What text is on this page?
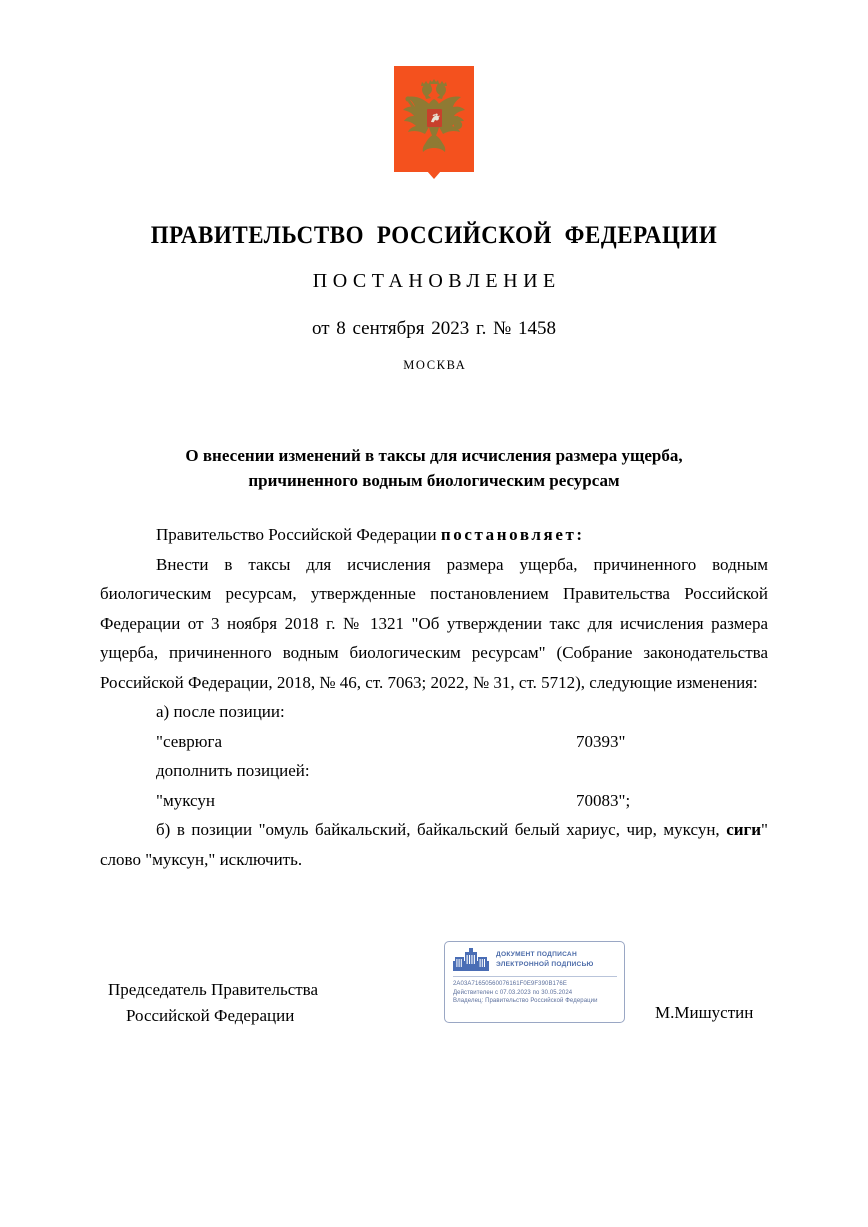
ПРАВИТЕЛЬСТВО РОССИЙСКОЙ ФЕДЕРАЦИИ
ПОСТАНОВЛЕНИЕ
от 8 сентября 2023 г. № 1458
МОСКВА
О внесении изменений в таксы для исчисления размера ущерба,
причиненного водным биологическим ресурсам

Правительство Российской Федерации постановляет:

Внести в таксы для исчисления размера ущерба, причиненного водным биологическим ресурсам, утвержденные постановлением Правительства Российской Федерации от 3 ноября 2018 г. № 1321 "Об утверждении такс для исчисления размера ущерба, причиненного водным биологическим ресурсам" (Собрание законодательства Российской Федерации, 2018, № 46, ст. 7063; 2022, № 31, ст. 5712), следующие изменения:

а) после позиции:

"севрюга	70393"

дополнить позицией:

"муксун	70083";

б) в позиции "омуль байкальский, байкальский белый хариус, чир, муксун, сиги" слово "муксун," исключить.

Председатель Правительства
Российской Федерации	М.Мишустин
ДОКУМЕНТ ПОДПИСАН
ЭЛЕКТРОННОЙ ПОДПИСЬЮ
2A03A71650560076161F0E9F390B176E
Действителен с 07.03.2023 по 30.05.2024
Владелец: Правительство Российской Федерации
